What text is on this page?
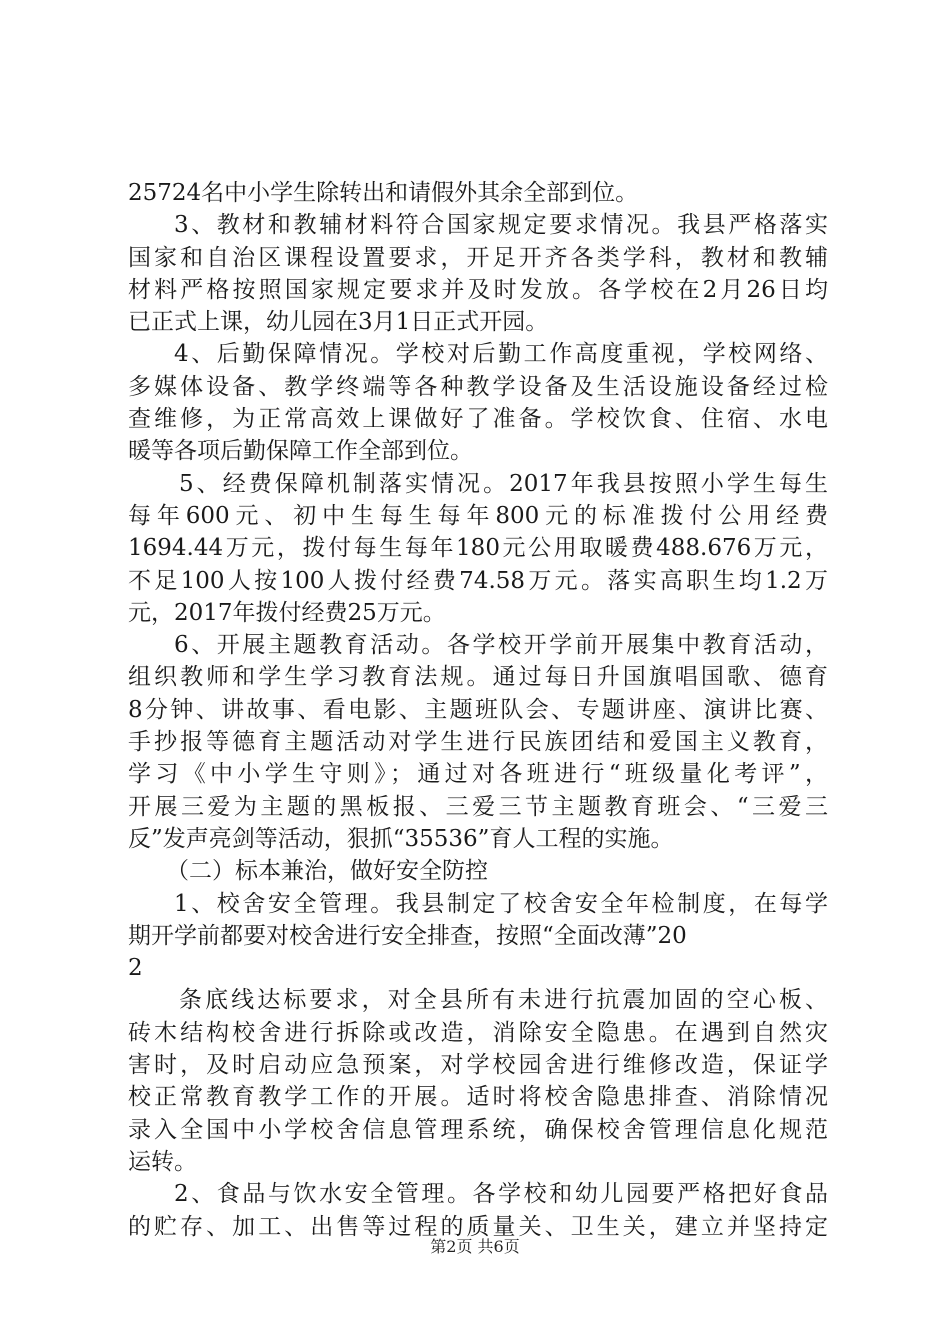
25724名中小学生除转出和请假外其余全部到位。
3、教材和教辅材料符合国家规定要求情况。我县严格落实
国家和自治区课程设置要求，开足开齐各类学科，教材和教辅
材料严格按照国家规定要求并及时发放。各学校在2月26日均
已正式上课，幼儿园在3月1日正式开园。
4、后勤保障情况。学校对后勤工作高度重视，学校网络、
多媒体设备、教学终端等各种教学设备及生活设施设备经过检
查维修，为正常高效上课做好了准备。学校饮食、住宿、水电
暖等各项后勤保障工作全部到位。
5、经费保障机制落实情况。2017年我县按照小学生每生
每年600元、初中生每生每年800元的标准拨付公用经费
1694.44万元，拨付每生每年180元公用取暖费488.676万元，
不足100人按100人拨付经费74.58万元。落实高职生均1.2万
元，2017年拨付经费25万元。
6、开展主题教育活动。各学校开学前开展集中教育活动，
组织教师和学生学习教育法规。通过每日升国旗唱国歌、德育
8分钟、讲故事、看电影、主题班队会、专题讲座、演讲比赛、
手抄报等德育主题活动对学生进行民族团结和爱国主义教育，
学习《中小学生守则》；通过对各班进行“班级量化考评”，
开展三爱为主题的黑板报、三爱三节主题教育班会、“三爱三
反”发声亮剑等活动，狠抓“35536”育人工程的实施。
（二）标本兼治，做好安全防控
1、校舍安全管理。我县制定了校舍安全年检制度，在每学
期开学前都要对校舍进行安全排查，按照“全面改薄”20
2
条底线达标要求，对全县所有未进行抗震加固的空心板、
砖木结构校舍进行拆除或改造，消除安全隐患。在遇到自然灾
害时，及时启动应急预案，对学校园舍进行维修改造，保证学
校正常教育教学工作的开展。适时将校舍隐患排查、消除情况
录入全国中小学校舍信息管理系统，确保校舍管理信息化规范
运转。
2、食品与饮水安全管理。各学校和幼儿园要严格把好食品
的贮存、加工、出售等过程的质量关、卫生关，建立并坚持定
第2页 共6页
